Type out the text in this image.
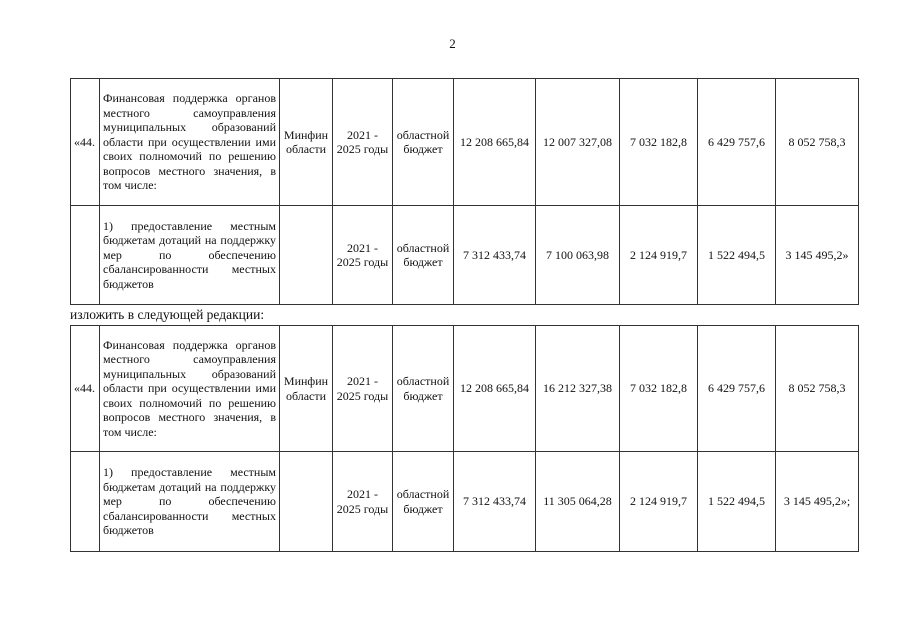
2
«44.	Финансовая поддержка органов местного самоуправления муниципальных образований области при осуществлении ими своих полномочий по решению вопросов местного значения, в том числе:	Минфин области	2021 - 2025 годы	областной бюджет	12 208 665,84	12 007 327,08	7 032 182,8	6 429 757,6	8 052 758,3
	1) предоставление местным бюджетам дотаций на поддержку мер по обеспечению сбалансированности местных бюджетов		2021 - 2025 годы	областной бюджет	7 312 433,74	7 100 063,98	2 124 919,7	1 522 494,5	3 145 495,2»
изложить в следующей редакции:
«44.	Финансовая поддержка органов местного самоуправления муниципальных образований области при осуществлении ими своих полномочий по решению вопросов местного значения, в том числе:	Минфин области	2021 - 2025 годы	областной бюджет	12 208 665,84	16 212 327,38	7 032 182,8	6 429 757,6	8 052 758,3
	1) предоставление местным бюджетам дотаций на поддержку мер по обеспечению сбалансированности местных бюджетов		2021 - 2025 годы	областной бюджет	7 312 433,74	11 305 064,28	2 124 919,7	1 522 494,5	3 145 495,2»;
